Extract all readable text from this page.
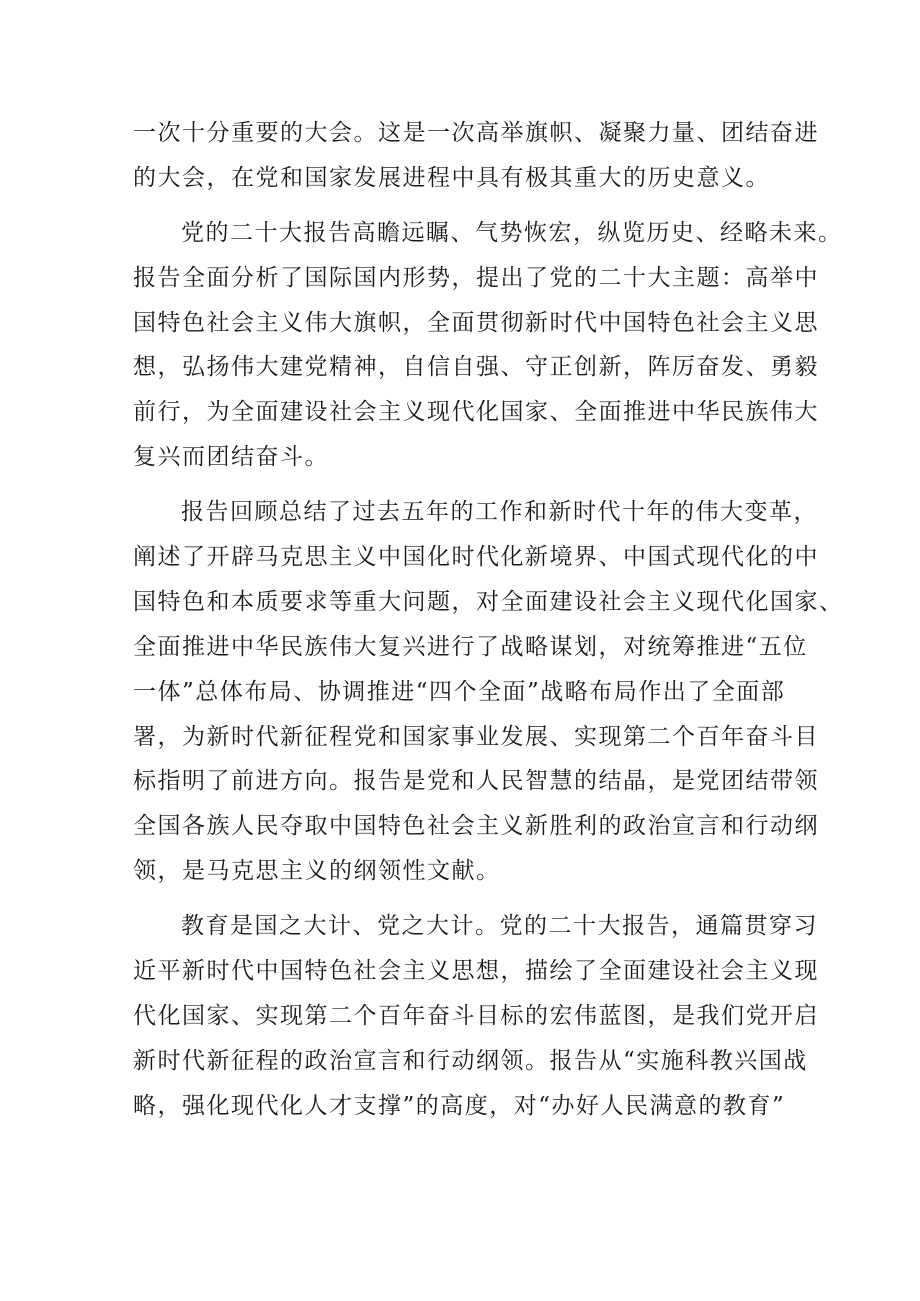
一次十分重要的大会。这是一次高举旗帜、凝聚力量、团结奋进
的大会，在党和国家发展进程中具有极其重大的历史意义。
党的二十大报告高瞻远瞩、气势恢宏，纵览历史、经略未来。
报告全面分析了国际国内形势，提出了党的二十大主题：高举中
国特色社会主义伟大旗帜，全面贯彻新时代中国特色社会主义思
想，弘扬伟大建党精神，自信自强、守正创新，阵厉奋发、勇毅
前行，为全面建设社会主义现代化国家、全面推进中华民族伟大
复兴而团结奋斗。
报告回顾总结了过去五年的工作和新时代十年的伟大变革，
阐述了开辟马克思主义中国化时代化新境界、中国式现代化的中
国特色和本质要求等重大问题，对全面建设社会主义现代化国家、
全面推进中华民族伟大复兴进行了战略谋划，对统筹推进“五位
一体”总体布局、协调推进“四个全面”战略布局作出了全面部
署，为新时代新征程党和国家事业发展、实现第二个百年奋斗目
标指明了前进方向。报告是党和人民智慧的结晶，是党团结带领
全国各族人民夺取中国特色社会主义新胜利的政治宣言和行动纲
领，是马克思主义的纲领性文献。
教育是国之大计、党之大计。党的二十大报告，通篇贯穿习
近平新时代中国特色社会主义思想，描绘了全面建设社会主义现
代化国家、实现第二个百年奋斗目标的宏伟蓝图，是我们党开启
新时代新征程的政治宣言和行动纲领。报告从“实施科教兴国战
略，强化现代化人才支撑”的高度，对“办好人民满意的教育”
